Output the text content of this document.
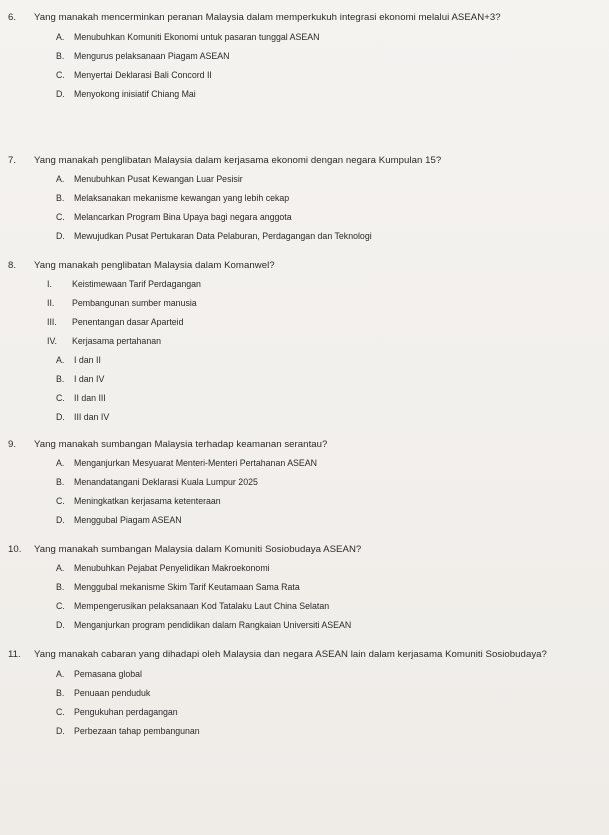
6. Yang manakah mencerminkan peranan Malaysia dalam memperkukuh integrasi ekonomi melalui ASEAN+3?
A. Menubuhkan Komuniti Ekonomi untuk pasaran tunggal ASEAN
B. Mengurus pelaksanaan Piagam ASEAN
C. Menyertai Deklarasi Bali Concord II
D. Menyokong inisiatif Chiang Mai
7. Yang manakah penglibatan Malaysia dalam kerjasama ekonomi dengan negara Kumpulan 15?
A. Menubuhkan Pusat Kewangan Luar Pesisir
B. Melaksanakan mekanisme kewangan yang lebih cekap
C. Melancarkan Program Bina Upaya bagi negara anggota
D. Mewujudkan Pusat Pertukaran Data Pelaburan, Perdagangan dan Teknologi
8. Yang manakah penglibatan Malaysia dalam Komanwel?
I. Keistimewaan Tarif Perdagangan
II. Pembangunan sumber manusia
III. Penentangan dasar Aparteid
IV. Kerjasama pertahanan
A. I dan II
B. I dan IV
C. II dan III
D. III dan IV
9. Yang manakah sumbangan Malaysia terhadap keamanan serantau?
A. Menganjurkan Mesyuarat Menteri-Menteri Pertahanan ASEAN
B. Menandatangani Deklarasi Kuala Lumpur 2025
C. Meningkatkan kerjasama ketenteraan
D. Menggubal Piagam ASEAN
10. Yang manakah sumbangan Malaysia dalam Komuniti Sosiobudaya ASEAN?
A. Menubuhkan Pejabat Penyelidikan Makroekonomi
B. Menggubal mekanisme Skim Tarif Keutamaan Sama Rata
C. Mempengerusikan pelaksanaan Kod Tatalaku Laut China Selatan
D. Menganjurkan program pendidikan dalam Rangkaian Universiti ASEAN
11. Yang manakah cabaran yang dihadapi oleh Malaysia dan negara ASEAN lain dalam kerjasama Komuniti Sosiobudaya?
A. Pemasana global
B. Penuaan penduduk
C. Pengukuhan perdagangan
D. Perbezaan tahap pembangunan
